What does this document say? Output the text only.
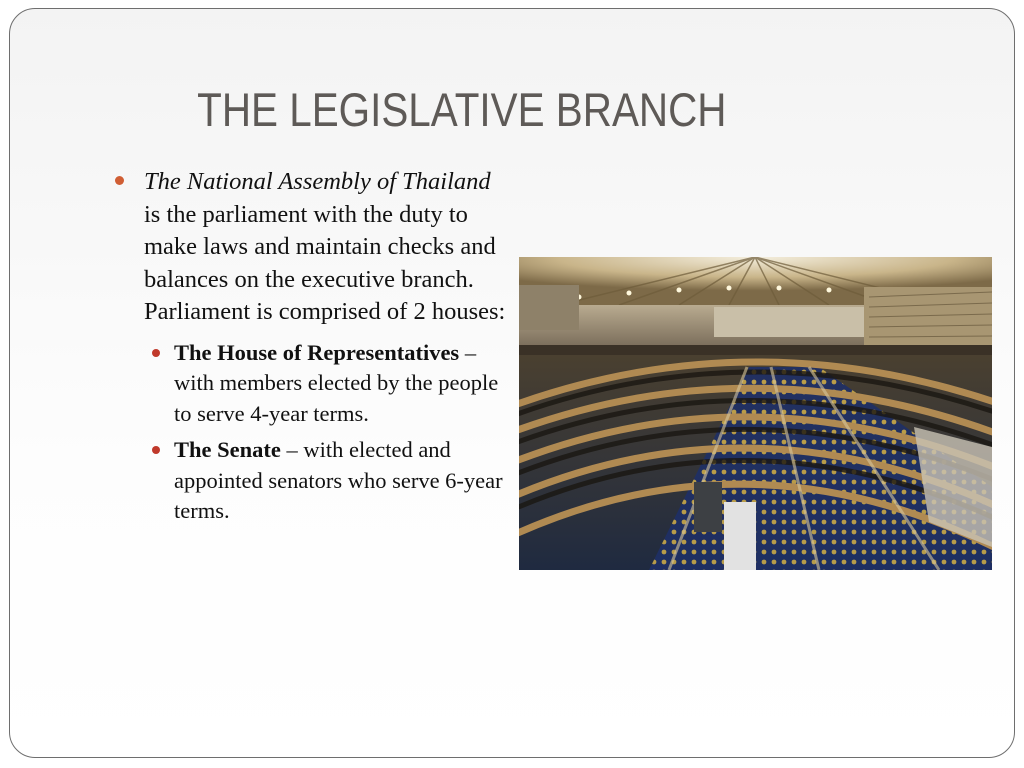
THE LEGISLATIVE BRANCH
The National Assembly of Thailand is the parliament with the duty to make laws and maintain checks and balances on the executive branch. Parliament is comprised of 2 houses:
The House of Representatives – with members elected by the people to serve 4-year terms.
The Senate – with elected and appointed senators who serve 6-year terms.
